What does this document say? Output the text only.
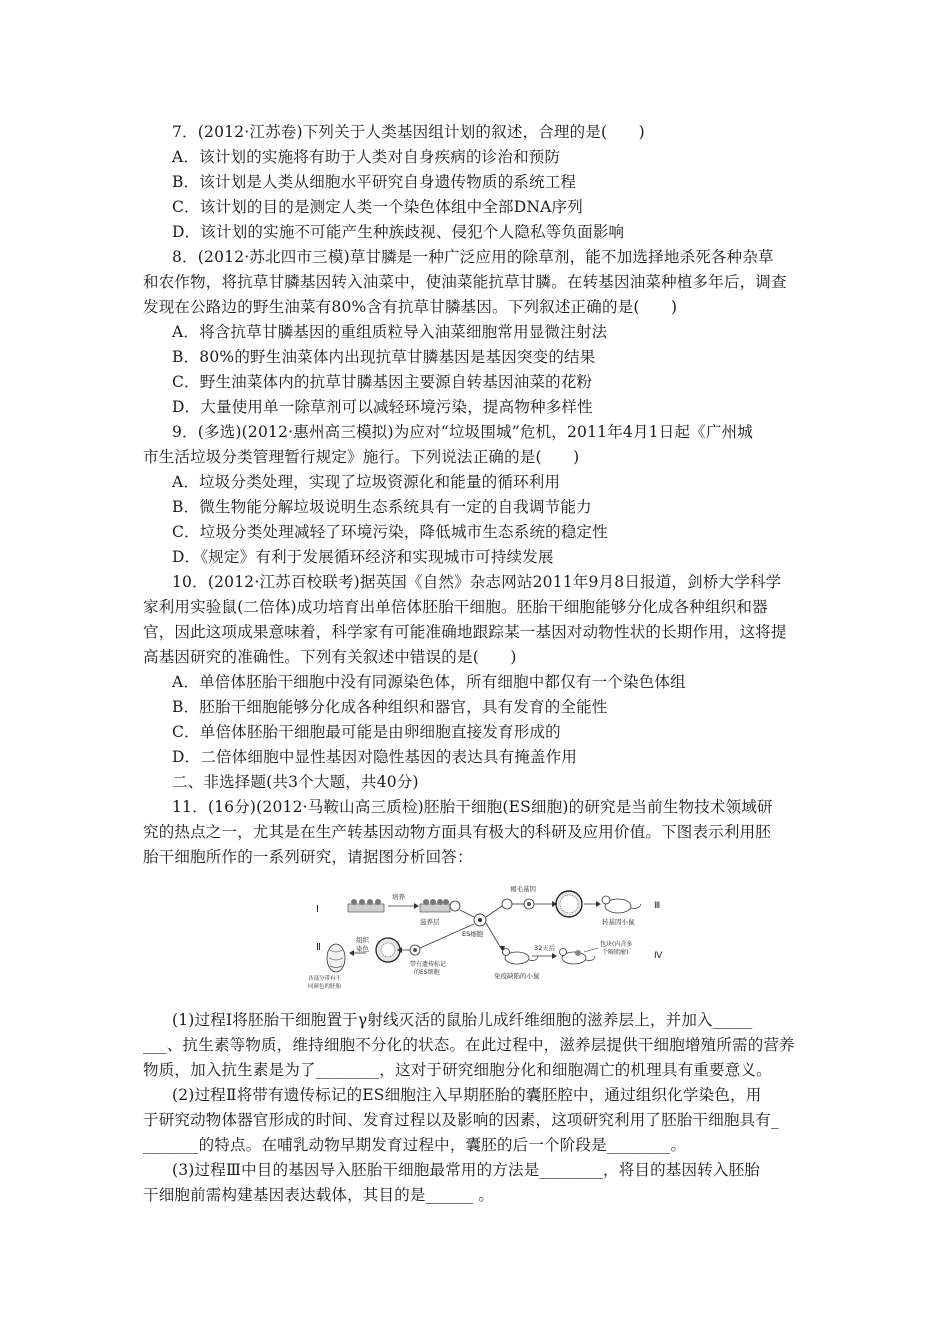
7．(2012·江苏卷)下列关于人类基因组计划的叙述，合理的是(　　)
A．该计划的实施将有助于人类对自身疾病的诊治和预防
B．该计划是人类从细胞水平研究自身遗传物质的系统工程
C．该计划的目的是测定人类一个染色体组中全部DNA序列
D．该计划的实施不可能产生种族歧视、侵犯个人隐私等负面影响
8．(2012·苏北四市三模)草甘膦是一种广泛应用的除草剂，能不加选择地杀死各种杂草
和农作物，将抗草甘膦基因转入油菜中，使油菜能抗草甘膦。在转基因油菜种植多年后，调查
发现在公路边的野生油菜有80%含有抗草甘膦基因。下列叙述正确的是(　　)
A．将含抗草甘膦基因的重组质粒导入油菜细胞常用显微注射法
B．80%的野生油菜体内出现抗草甘膦基因是基因突变的结果
C．野生油菜体内的抗草甘膦基因主要源自转基因油菜的花粉
D．大量使用单一除草剂可以减轻环境污染，提高物种多样性
9．(多选)(2012·惠州高三模拟)为应对“垃圾围城”危机，2011年4月1日起《广州城
市生活垃圾分类管理暂行规定》施行。下列说法正确的是(　　)
A．垃圾分类处理，实现了垃圾资源化和能量的循环利用
B．微生物能分解垃圾说明生态系统具有一定的自我调节能力
C．垃圾分类处理减轻了环境污染，降低城市生态系统的稳定性
D．《规定》有利于发展循环经济和实现城市可持续发展
10．(2012·江苏百校联考)据英国《自然》杂志网站2011年9月8日报道，剑桥大学科学
家利用实验鼠(二倍体)成功培育出单倍体胚胎干细胞。胚胎干细胞能够分化成各种组织和器
官，因此这项成果意味着，科学家有可能准确地跟踪某一基因对动物性状的长期作用，这将提
高基因研究的准确性。下列有关叙述中错误的是(　　)
A．单倍体胚胎干细胞中没有同源染色体，所有细胞中都仅有一个染色体组
B．胚胎干细胞能够分化成各种组织和器官，具有发育的全能性
C．单倍体胚胎干细胞最可能是由卵细胞直接发育形成的
D．二倍体细胞中显性基因对隐性基因的表达具有掩盖作用
二、非选择题(共3个大题，共40分)
11．(16分)(2012·马鞍山高三质检)胚胎干细胞(ES细胞)的研究是当前生物技术领域研
究的热点之一，尤其是在生产转基因动物方面具有极大的科研及应用价值。下图表示利用胚
胎干细胞所作的一系列研究，请据图分析回答：
Ⅰ
培养
滋养层
ES细胞
褐毛基因
转基因小鼠
Ⅲ
Ⅱ
各部分带有不
同颜色的胚胎
组织
染色
带有遗传标记
的ES细胞
32天后
免疫缺陷的小鼠
包块(内含多
个畸胎瘤)	Ⅳ
(1)过程Ⅰ将胚胎干细胞置于γ射线灭活的鼠胎儿成纤维细胞的滋养层上，并加入_____
___、抗生素等物质，维持细胞不分化的状态。在此过程中，滋养层提供干细胞增殖所需的营养
物质，加入抗生素是为了________，这对于研究细胞分化和细胞凋亡的机理具有重要意义。
(2)过程Ⅱ将带有遗传标记的ES细胞注入早期胚胎的囊胚腔中，通过组织化学染色，用
于研究动物体器官形成的时间、发育过程以及影响的因素，这项研究利用了胚胎干细胞具有_
_______的特点。在哺乳动物早期发育过程中，囊胚的后一个阶段是________。
(3)过程Ⅲ中目的基因导入胚胎干细胞最常用的方法是________，将目的基因转入胚胎
干细胞前需构建基因表达载体，其目的是______ 。
